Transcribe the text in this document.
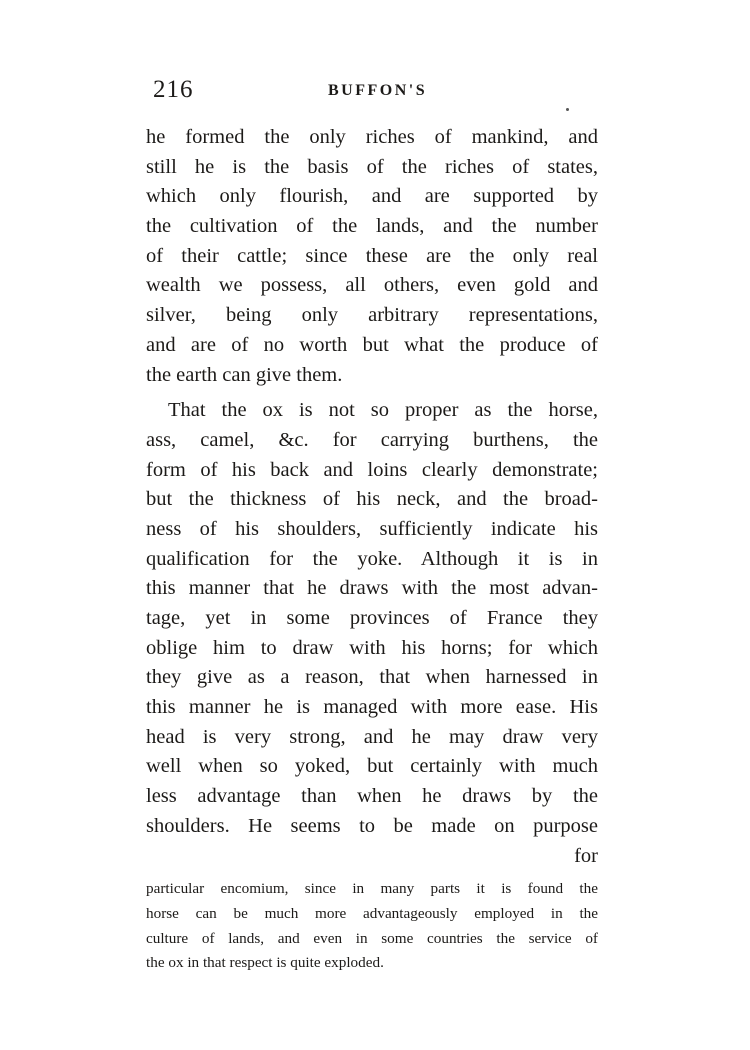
216	BUFFON'S
he formed the only riches of mankind, and
still he is the basis of the riches of states,
which only flourish, and are supported by
the cultivation of the lands, and the number
of their cattle; since these are the only real
wealth we possess, all others, even gold and
silver, being only arbitrary representations,
and are of no worth but what the produce of
the earth can give them.
That the ox is not so proper as the horse,
ass, camel, &c. for carrying burthens, the
form of his back and loins clearly demonstrate;
but the thickness of his neck, and the broad-
ness of his shoulders, sufficiently indicate his
qualification for the yoke. Although it is in
this manner that he draws with the most advan-
tage, yet in some provinces of France they
oblige him to draw with his horns; for which
they give as a reason, that when harnessed in
this manner he is managed with more ease. His
head is very strong, and he may draw very
well when so yoked, but certainly with much
less advantage than when he draws by the
shoulders. He seems to be made on purpose
for
particular encomium, since in many parts it is found the
horse can be much more advantageously employed in the
culture of lands, and even in some countries the service of
the ox in that respect is quite exploded.
